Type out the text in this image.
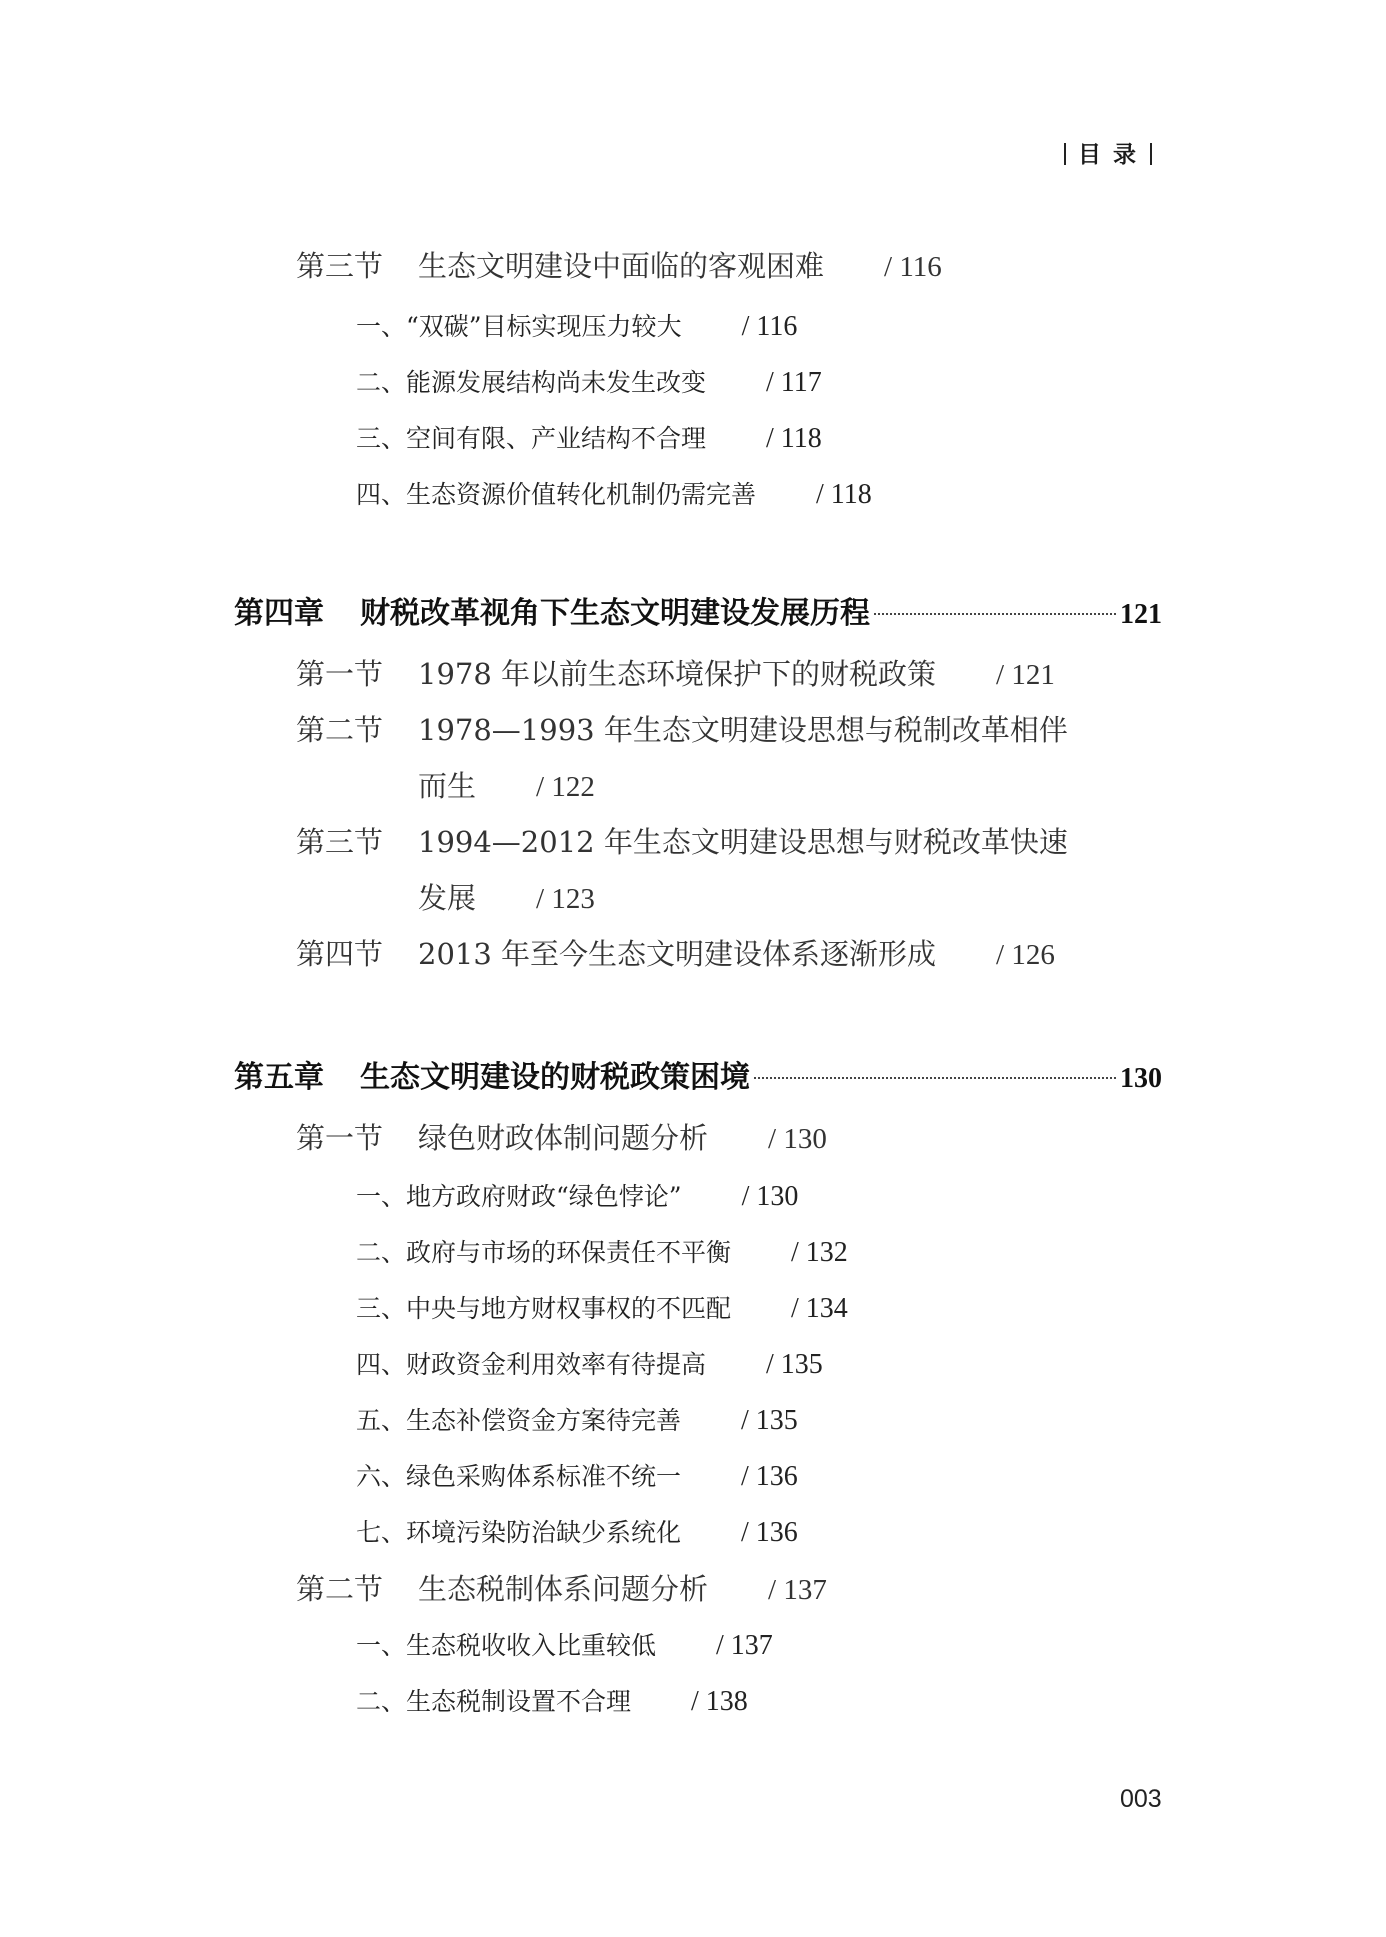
目 录
第三节 生态文明建设中面临的客观困难 / 116
一、“双碳”目标实现压力较大 / 116
二、能源发展结构尚未发生改变 / 117
三、空间有限、产业结构不合理 / 118
四、生态资源价值转化机制仍需完善 / 118
第四章	财税改革视角下生态文明建设发展历程	121
第一节 1978 年以前生态环境保护下的财税政策 / 121
第二节 1978—1993 年生态文明建设思想与税制改革相伴
而生 / 122
第三节 1994—2012 年生态文明建设思想与财税改革快速
发展 / 123
第四节 2013 年至今生态文明建设体系逐渐形成 / 126
第五章	生态文明建设的财税政策困境	130
第一节 绿色财政体制问题分析 / 130
一、地方政府财政“绿色悖论” / 130
二、政府与市场的环保责任不平衡 / 132
三、中央与地方财权事权的不匹配 / 134
四、财政资金利用效率有待提高 / 135
五、生态补偿资金方案待完善 / 135
六、绿色采购体系标准不统一 / 136
七、环境污染防治缺少系统化 / 136
第二节 生态税制体系问题分析 / 137
一、生态税收收入比重较低 / 137
二、生态税制设置不合理 / 138
003
